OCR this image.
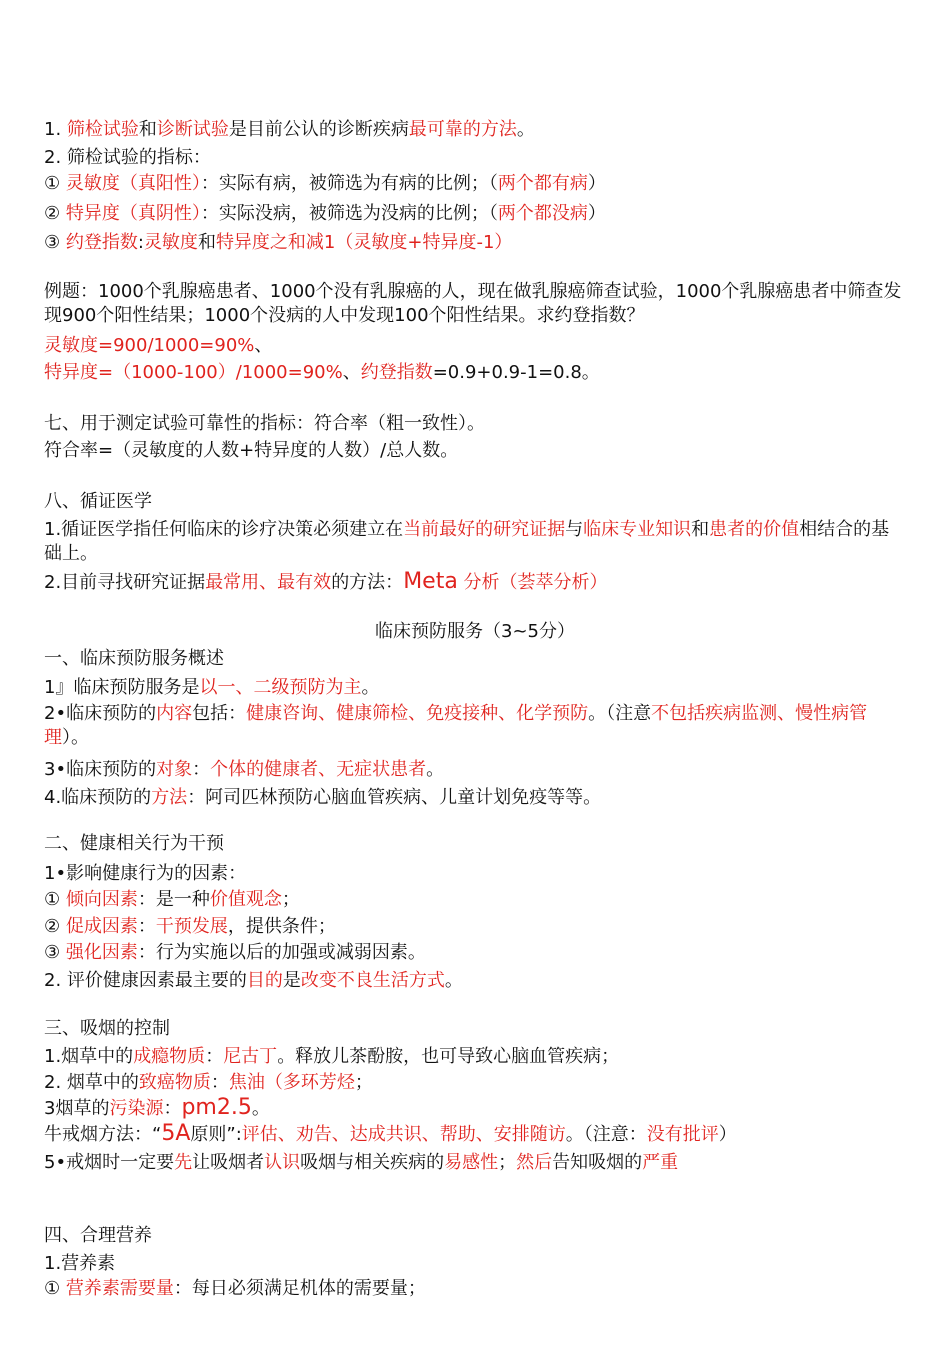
1. 筛检试验和诊断试验是目前公认的诊断疾病最可靠的方法。
2. 筛检试验的指标：
① 灵敏度（真阳性）：实际有病，被筛选为有病的比例；（两个都有病）
② 特异度（真阴性）：实际没病，被筛选为没病的比例；（两个都没病）
③ 约登指数:灵敏度和特异度之和减1（灵敏度+特异度-1）
例题：1000个乳腺癌患者、1000个没有乳腺癌的人，现在做乳腺癌筛查试验，1000个乳腺癌患者中筛查发现900个阳性结果；1000个没病的人中发现100个阳性结果。求约登指数？
灵敏度=900/1000=90%、
特异度=（1000-100）/1000=90%、约登指数=0.9+0.9-1=0.8。
七、用于测定试验可靠性的指标：符合率（粗一致性）。
符合率=（灵敏度的人数+特异度的人数）/总人数。
八、循证医学
1.循证医学指任何临床的诊疗决策必须建立在当前最好的研究证据与临床专业知识和患者的价值相结合的基础上。
2.目前寻找研究证据最常用、最有效的方法：Meta 分析（荟萃分析）
临床预防服务（3~5分）
一、临床预防服务概述
1』临床预防服务是以一、二级预防为主。
2•临床预防的内容包括：健康咨询、健康筛检、免疫接种、化学预防。（注意不包括疾病监测、慢性病管理）。
3•临床预防的对象：个体的健康者、无症状患者。
4.临床预防的方法：阿司匹林预防心脑血管疾病、儿童计划免疫等等。
二、健康相关行为干预
1•影响健康行为的因素：
① 倾向因素：是一种价值观念；
② 促成因素：干预发展，提供条件；
③ 强化因素：行为实施以后的加强或减弱因素。
2. 评价健康因素最主要的目的是改变不良生活方式。
三、吸烟的控制
1.烟草中的成瘾物质：尼古丁。释放儿茶酚胺，也可导致心脑血管疾病；
2. 烟草中的致癌物质：焦油（多环芳烃；
3烟草的污染源：pm2.5。
牛戒烟方法：“5A原则”:评估、劝告、达成共识、帮助、安排随访。（注意：没有批评）
5•戒烟时一定要先让吸烟者认识吸烟与相关疾病的易感性；然后告知吸烟的严重
四、合理营养
1.营养素
① 营养素需要量：每日必须满足机体的需要量；
